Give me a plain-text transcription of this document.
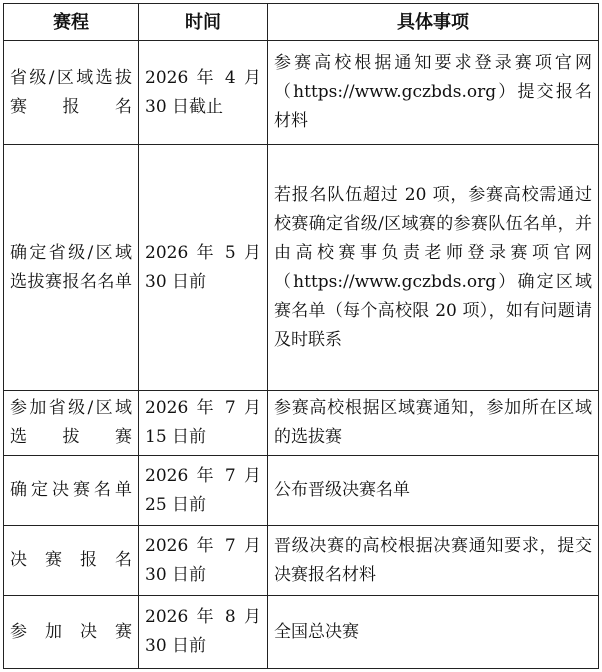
赛程	时间	具体事项

省级/区域选拔赛报名	2026 年 4 月 30 日截止	参赛高校根据通知要求登录赛项官网（https://www.gczbds.org）提交报名材料

确定省级/区域选拔赛报名名单	2026 年 5 月 30 日前	若报名队伍超过 20 项，参赛高校需通过校赛确定省级/区域赛的参赛队伍名单，并由高校赛事负责老师登录赛项官网（https://www.gczbds.org）确定区域赛名单（每个高校限 20 项），如有问题请及时联系

参加省级/区域选拔赛	2026 年 7 月 15 日前	参赛高校根据区域赛通知，参加所在区域的选拔赛

确定决赛名单	2026 年 7 月 25 日前	公布晋级决赛名单

决赛报名	2026 年 7 月 30 日前	晋级决赛的高校根据决赛通知要求，提交决赛报名材料

参加决赛	2026 年 8 月 30 日前	全国总决赛
